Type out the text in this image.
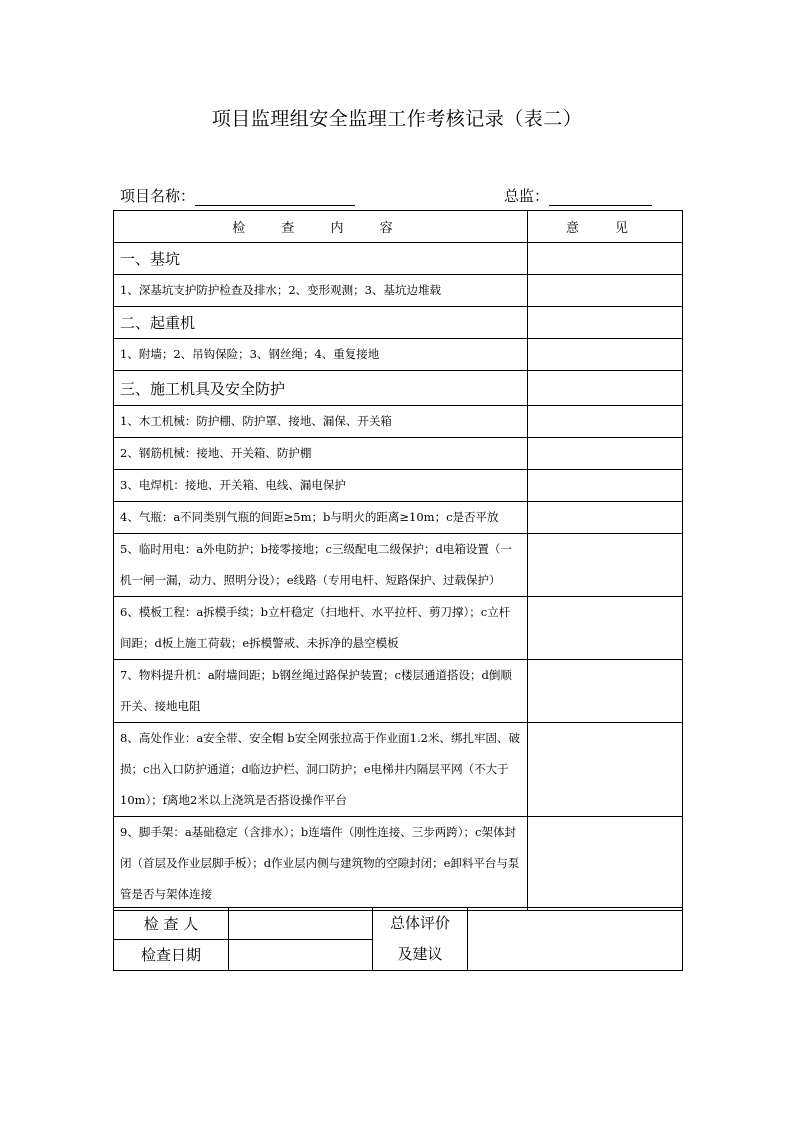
项目监理组安全监理工作考核记录（表二）
项目名称：	总监：
检 查 内 容	意 见
一、基坑	
1、深基坑支护防护检查及排水；2、变形观测；3、基坑边堆载	
二、起重机	
1、附墙；2、吊钩保险；3、钢丝绳；4、重复接地	
三、施工机具及安全防护	
1、木工机械：防护棚、防护罩、接地、漏保、开关箱	
2、钢筋机械：接地、开关箱、防护棚	
3、电焊机：接地、开关箱、电线、漏电保护	
4、气瓶：a不同类别气瓶的间距≥5m；b与明火的距离≥10m；c是否平放	
5、临时用电：a外电防护；b接零接地；c三级配电二级保护；d电箱设置（一机一闸一漏，动力、照明分设）；e线路（专用电杆、短路保护、过载保护）	
6、模板工程：a拆模手续；b立杆稳定（扫地杆、水平拉杆、剪刀撑）；c立杆间距；d板上施工荷载；e拆模警戒、未拆净的悬空模板	
7、物料提升机：a附墙间距；b钢丝绳过路保护装置；c楼层通道搭设；d倒顺开关、接地电阻	
8、高处作业：a安全带、安全帽 b安全网张拉高于作业面1.2米、绑扎牢固、破损；c出入口防护通道；d临边护栏、洞口防护；e电梯井内隔层平网（不大于10m）；f离地2米以上浇筑是否搭设操作平台	
9、脚手架：a基础稳定（含排水）；b连墙件（刚性连接、三步两跨）；c架体封闭（首层及作业层脚手板）；d作业层内侧与建筑物的空隙封闭；e卸料平台与泵管是否与架体连接	
检 查 人		总体评价
及建议	

检查日期			
